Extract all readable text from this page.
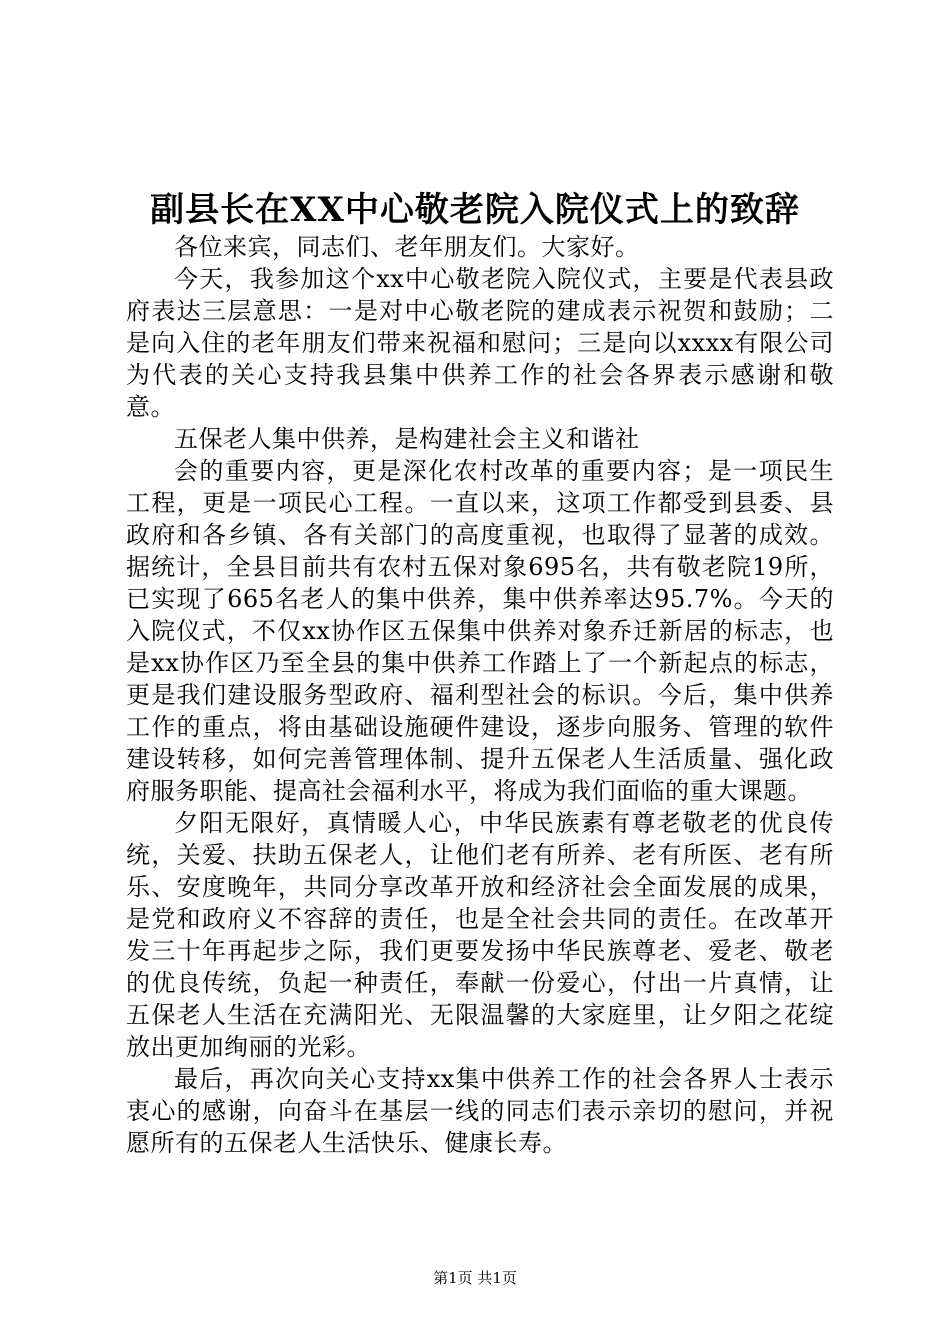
副县长在XX中心敬老院入院仪式上的致辞

各位来宾，同志们、老年朋友们。大家好。

今天，我参加这个xx中心敬老院入院仪式，主要是代表县政府表达三层意思：一是对中心敬老院的建成表示祝贺和鼓励；二是向入住的老年朋友们带来祝福和慰问；三是向以xxxx有限公司为代表的关心支持我县集中供养工作的社会各界表示感谢和敬意。

五保老人集中供养，是构建社会主义和谐社

会的重要内容，更是深化农村改革的重要内容；是一项民生工程，更是一项民心工程。一直以来，这项工作都受到县委、县政府和各乡镇、各有关部门的高度重视，也取得了显著的成效。据统计，全县目前共有农村五保对象695名，共有敬老院19所，已实现了665名老人的集中供养，集中供养率达95.7%。今天的入院仪式，不仅xx协作区五保集中供养对象乔迁新居的标志，也是xx协作区乃至全县的集中供养工作踏上了一个新起点的标志，更是我们建设服务型政府、福利型社会的标识。今后，集中供养工作的重点，将由基础设施硬件建设，逐步向服务、管理的软件建设转移，如何完善管理体制、提升五保老人生活质量、强化政府服务职能、提高社会福利水平，将成为我们面临的重大课题。

夕阳无限好，真情暖人心，中华民族素有尊老敬老的优良传统，关爱、扶助五保老人，让他们老有所养、老有所医、老有所乐、安度晚年，共同分享改革开放和经济社会全面发展的成果，是党和政府义不容辞的责任，也是全社会共同的责任。在改革开发三十年再起步之际，我们更要发扬中华民族尊老、爱老、敬老的优良传统，负起一种责任，奉献一份爱心，付出一片真情，让五保老人生活在充满阳光、无限温馨的大家庭里，让夕阳之花绽放出更加绚丽的光彩。

最后，再次向关心支持xx集中供养工作的社会各界人士表示衷心的感谢，向奋斗在基层一线的同志们表示亲切的慰问，并祝愿所有的五保老人生活快乐、健康长寿。

第1页 共1页
